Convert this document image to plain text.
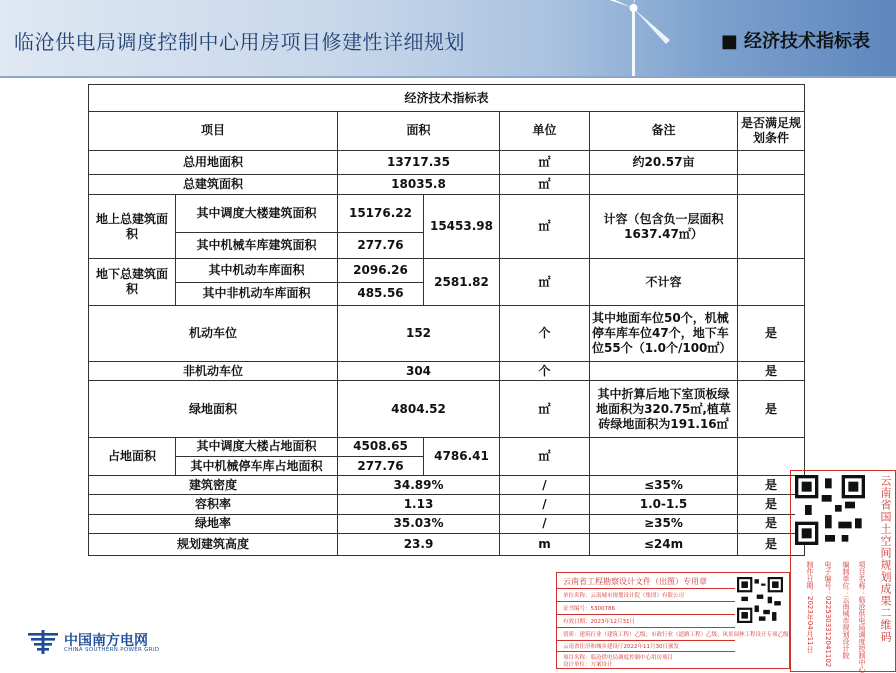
临沧供电局调度控制中心用房项目修建性详细规划	■ 经济技术指标表
经济技术指标表						
项目		面积		单位	备注	是否满足规划条件
总用地面积		13717.35		㎡	约20.57亩	
总建筑面积		18035.8		㎡		
地上总建筑面积	其中调度大楼建筑面积	15176.22	15453.98	㎡	计容（包含负一层面积1637.47㎡）	
	其中机械车库建筑面积	277.76				
地下总建筑面积	其中机动车库面积	2096.26	2581.82	㎡	不计容	
	其中非机动车库面积	485.56				
机动车位		152		个	其中地面车位50个，机械停车库车位47个，地下车位55个（1.0个/100㎡）	是
非机动车位		304		个		是
绿地面积		4804.52		㎡	其中折算后地下室顶板绿地面积为320.75㎡,植草砖绿地面积为191.16㎡	是
占地面积	其中调度大楼占地面积	4508.65	4786.41	㎡		
	其中机械停车库占地面积	277.76				
建筑密度		34.89%		/	≤35%	是
容积率		1.13		/	1.0-1.5	是
绿地率		35.03%		/	≥35%	是
规划建筑高度		23.9		m	≤24m	是
中国南方电网
CHINA SOUTHERN POWER GRID
云南省工程勘察设计文件（出图）专用章
单位名称：云南城市规划设计院（集团）有限公司
证书编号：5300786
有效日期：2023年12月31日
资质：建筑行业（建筑工程）乙级；市政行业（道路工程）乙级；风景园林工程设计专项乙级
云南省住房和城乡建设厅2022年11月30日颁发
项目名称：临沧供电局调度控制中心用房项目
设计单位：方案设计
云南省国土空间规划成果二维码
项目名称：临沧供电局调度控制中心
编制单位：云南城市规划设计院
电子编号：0225303312041102
制作日期：2023年04月11日
